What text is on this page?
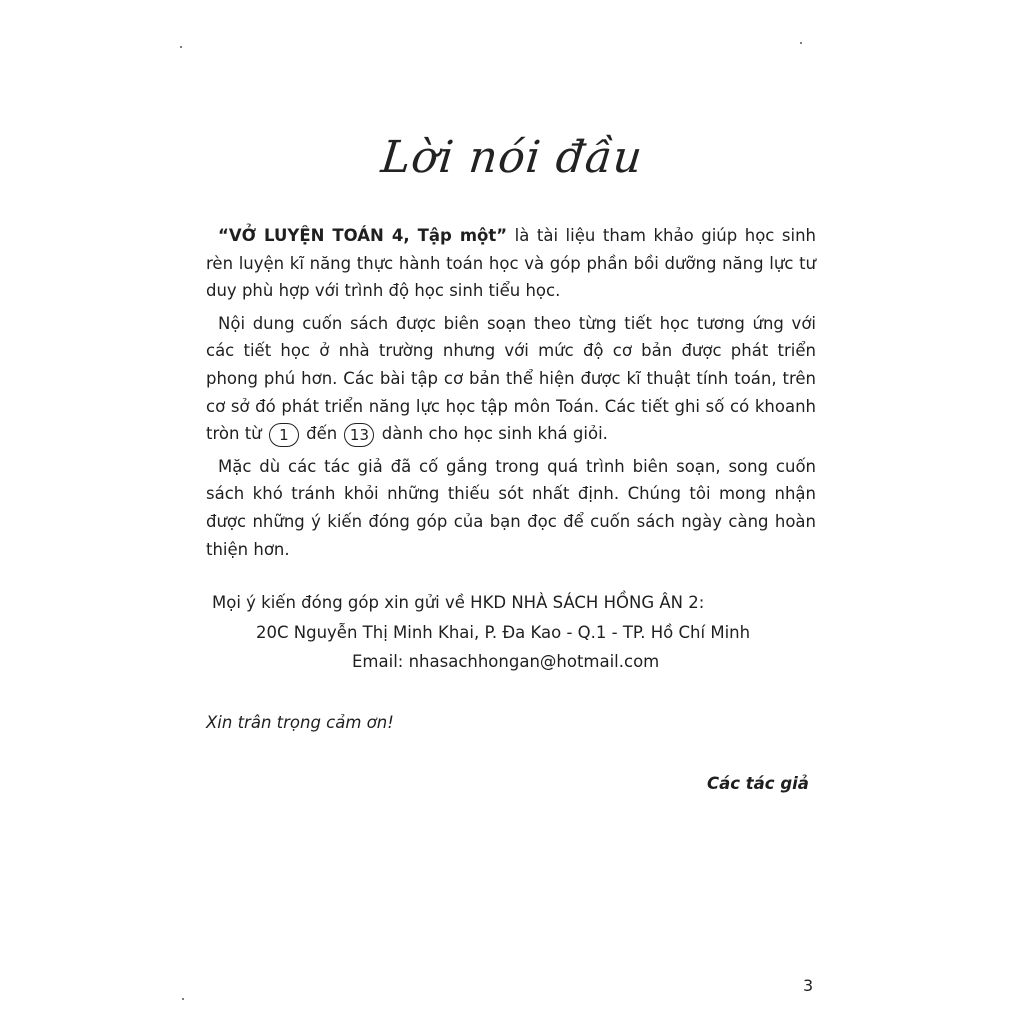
Lời nói đầu

“VỞ LUYỆN TOÁN 4, Tập một” là tài liệu tham khảo giúp học sinh rèn luyện kĩ năng thực hành toán học và góp phần bồi dưỡng năng lực tư duy phù hợp với trình độ học sinh tiểu học.

Nội dung cuốn sách được biên soạn theo từng tiết học tương ứng với các tiết học ở nhà trường nhưng với mức độ cơ bản được phát triển phong phú hơn. Các bài tập cơ bản thể hiện được kĩ thuật tính toán, trên cơ sở đó phát triển năng lực học tập môn Toán. Các tiết ghi số có khoanh tròn từ 1 đến 13 dành cho học sinh khá giỏi.

Mặc dù các tác giả đã cố gắng trong quá trình biên soạn, song cuốn sách khó tránh khỏi những thiếu sót nhất định. Chúng tôi mong nhận được những ý kiến đóng góp của bạn đọc để cuốn sách ngày càng hoàn thiện hơn.

Mọi ý kiến đóng góp xin gửi về HKD NHÀ SÁCH HỒNG ÂN 2:
20C Nguyễn Thị Minh Khai, P. Đa Kao - Q.1 - TP. Hồ Chí Minh
Email: nhasachhongan@hotmail.com
Xin trân trọng cảm ơn!
Các tác giả
3
